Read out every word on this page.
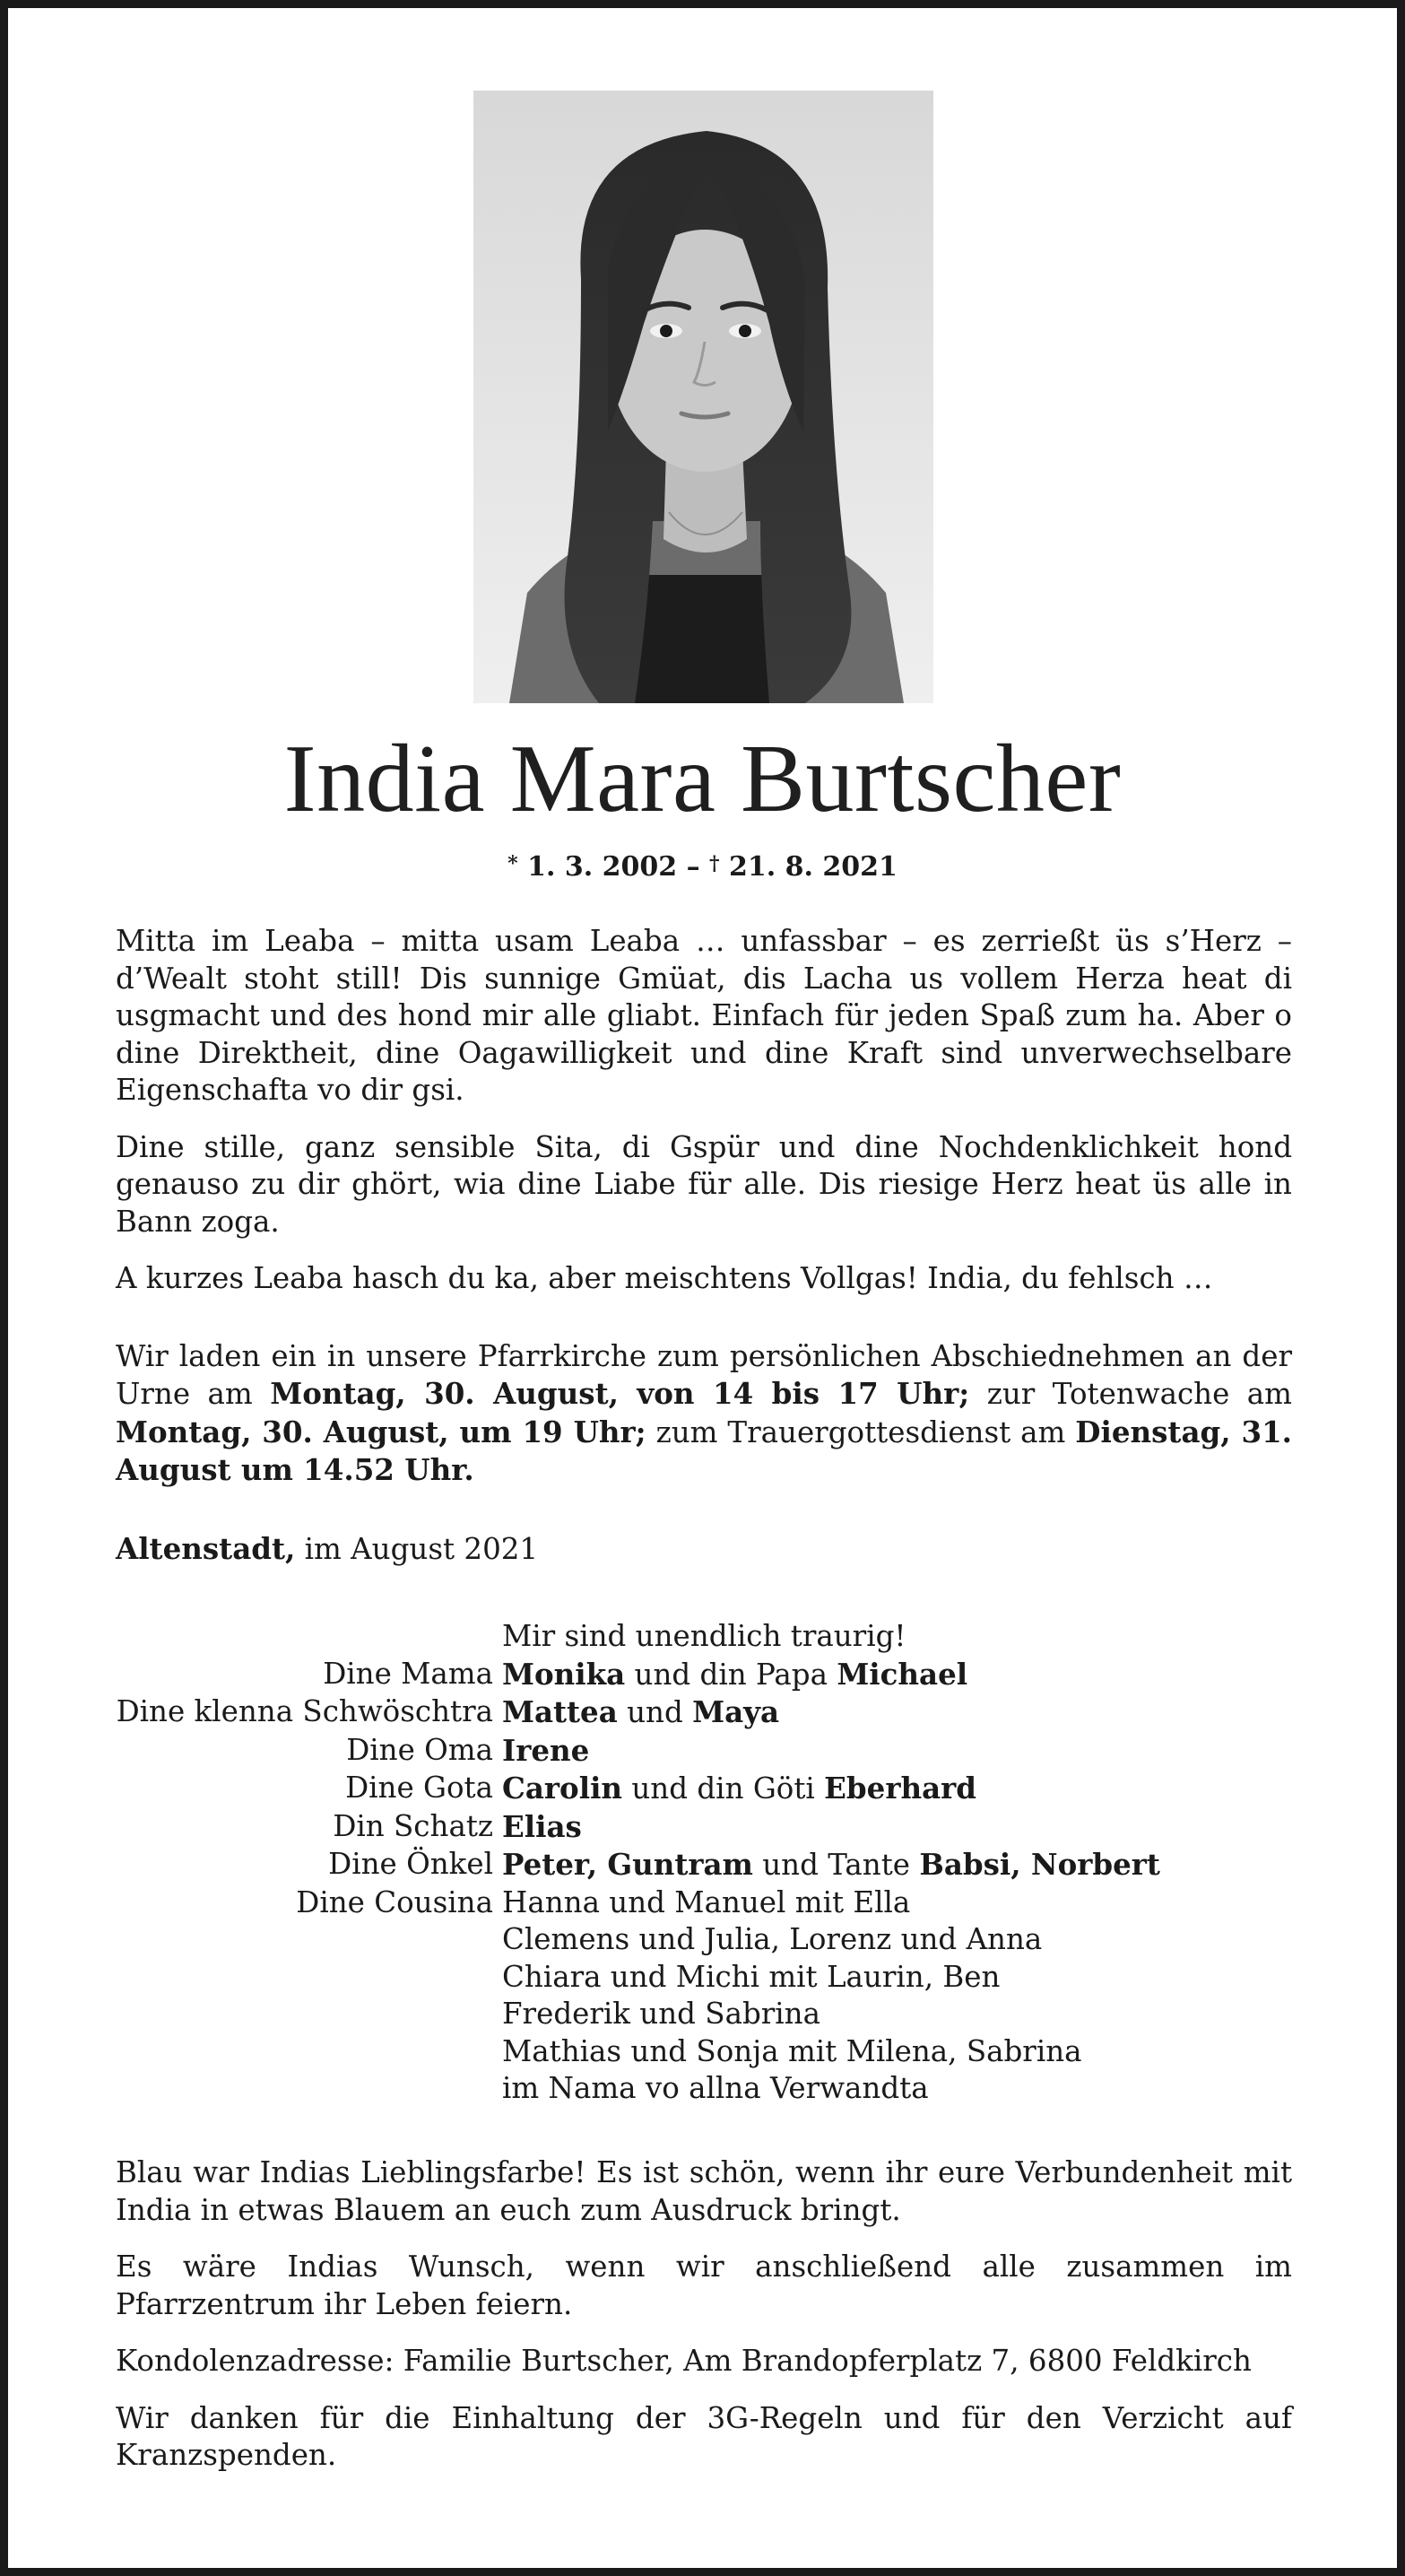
India Mara Burtscher
* 1. 3. 2002 – † 21. 8. 2021

Mitta im Leaba – mitta usam Leaba … unfassbar – es zerrießt üs s’Herz – d’Wealt stoht still! Dis sunnige Gmüat, dis Lacha us vollem Herza heat di usgmacht und des hond mir alle gliabt. Einfach für jeden Spaß zum ha. Aber o dine Direktheit, dine Oagawilligkeit und dine Kraft sind unverwechselbare Eigenschafta vo dir gsi.

Dine stille, ganz sensible Sita, di Gspür und dine Nochdenklichkeit hond genauso zu dir ghört, wia dine Liabe für alle. Dis riesige Herz heat üs alle in Bann zoga.

A kurzes Leaba hasch du ka, aber meischtens Vollgas! India, du fehlsch …

Wir laden ein in unsere Pfarrkirche zum persönlichen Abschiednehmen an der Urne am Montag, 30. August, von 14 bis 17 Uhr; zur Totenwache am Montag, 30. August, um 19 Uhr; zum Trauergottesdienst am Dienstag, 31. August um 14.52 Uhr.

Altenstadt, im August 2021

Mir sind unendlich traurig!
Dine Mama Monika und din Papa Michael
Dine klenna Schwöschtra Mattea und Maya
Dine Oma Irene
Dine Gota Carolin und din Göti Eberhard
Din Schatz Elias
Dine Önkel Peter, Guntram und Tante Babsi, Norbert
Dine Cousina Hanna und Manuel mit Ella
Clemens und Julia, Lorenz und Anna
Chiara und Michi mit Laurin, Ben
Frederik und Sabrina
Mathias und Sonja mit Milena, Sabrina
im Nama vo allna Verwandta

Blau war Indias Lieblingsfarbe! Es ist schön, wenn ihr eure Verbundenheit mit India in etwas Blauem an euch zum Ausdruck bringt.

Es wäre Indias Wunsch, wenn wir anschließend alle zusammen im Pfarrzentrum ihr Leben feiern.

Kondolenzadresse: Familie Burtscher, Am Brandopferplatz 7, 6800 Feldkirch

Wir danken für die Einhaltung der 3G-Regeln und für den Verzicht auf Kranzspenden.
